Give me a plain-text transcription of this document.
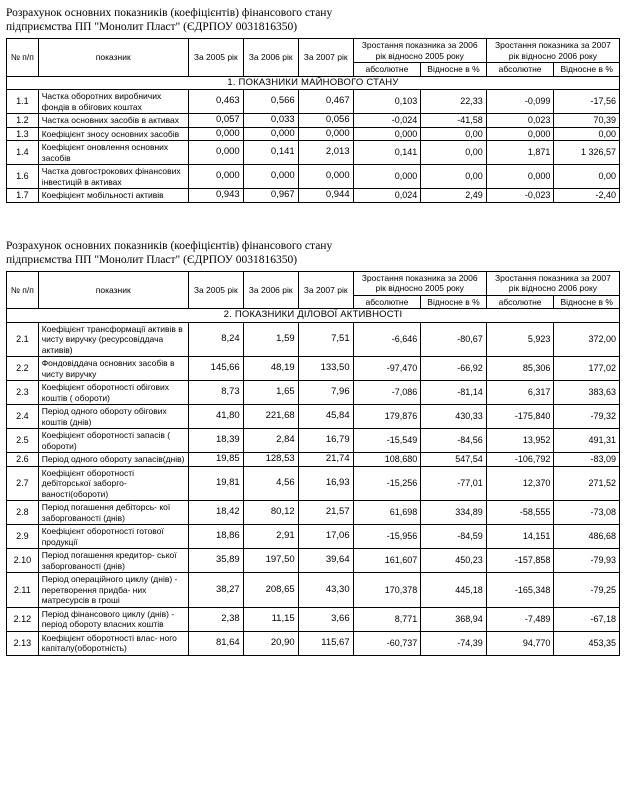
Розрахунок основних показників (коефіцієнтів) фінансового стану
підприємства ПП "Монолит Пласт" (ЄДРПОУ 0031816350)
№ п/п	показник	За 2005 рік	За 2006 рік	За 2007 рік	Зростання показника за 2006 рік відносно 2005 року		Зростання показника за 2007 рік відносно 2006 року	
					абсолютне	Відносне в %	абсолютне	Відносне в %
1. ПОКАЗНИКИ МАЙНОВОГО СТАНУ								
1.1	Частка оборотних виробничих фондів в обігових коштах	0,463	0,566	0,467	0,103	22,33	-0,099	-17,56
1.2	Частка основних засобів в активах	0,057	0,033	0,056	-0,024	-41,58	0,023	70,39
1.3	Коефіцієнт зносу основних засобів	0,000	0,000	0,000	0,000	0,00	0,000	0,00
1.4	Коефіцієнт оновлення основних засобів	0,000	0,141	2,013	0,141	0,00	1,871	1 326,57
1.6	Частка довгострокових фінансових інвестицій в активах	0,000	0,000	0,000	0,000	0,00	0,000	0,00
1.7	Коефіцієнт мобільності активів	0,943	0,967	0,944	0,024	2,49	-0,023	-2,40
Розрахунок основних показників (коефіцієнтів) фінансового стану
підприємства ПП "Монолит Пласт" (ЄДРПОУ 0031816350)
№ п/п	показник	За 2005 рік	За 2006 рік	За 2007 рік	Зростання показника за 2006 рік відносно 2005 року		Зростання показника за 2007 рік відносно 2006 року	
					абсолютне	Відносне в %	абсолютне	Відносне в %
2. ПОКАЗНИКИ ДІЛОВОЇ АКТИВНОСТІ								
2.1	Коефіцієнт трансформації активів в чисту виручку (ресурсовіддача активів)	8,24	1,59	7,51	-6,646	-80,67	5,923	372,00
2.2	Фондовіддача основних засобів в чисту виручку	145,66	48,19	133,50	-97,470	-66,92	85,306	177,02
2.3	Коефіцієнт оборотності обігових коштів ( обороти)	8,73	1,65	7,96	-7,086	-81,14	6,317	383,63
2.4	Період одного обороту обігових коштів (днів)	41,80	221,68	45,84	179,876	430,33	-175,840	-79,32
2.5	Коефіцієнт оборотності запасів ( обороти)	18,39	2,84	16,79	-15,549	-84,56	13,952	491,31
2.6	Період одного обороту запасів(днів)	19,85	128,53	21,74	108,680	547,54	-106,792	-83,09
2.7	Коефіцієнт оборотності дебіторської заборго- ваності(обороти)	19,81	4,56	16,93	-15,256	-77,01	12,370	271,52
2.8	Період погашення дебіторсь- кої заборгованості (днів)	18,42	80,12	21,57	61,698	334,89	-58,555	-73,08
2.9	Коефіцієнт оборотності готової продукції	18,86	2,91	17,06	-15,956	-84,59	14,151	486,68
2.10	Період погашення кредитор- ської заборгованості (днів)	35,89	197,50	39,64	161,607	450,23	-157,858	-79,93
2.11	Період операційного циклу (днів) - перетворення придба- них матресурсів в гроші	38,27	208,65	43,30	170,378	445,18	-165,348	-79,25
2.12	Період фінансового циклу (днів) - період обороту власних коштів	2,38	11,15	3,66	8,771	368,94	-7,489	-67,18
2.13	Коефіцієнт оборотності влас- ного капіталу(оборотність)	81,64	20,90	115,67	-60,737	-74,39	94,770	453,35
